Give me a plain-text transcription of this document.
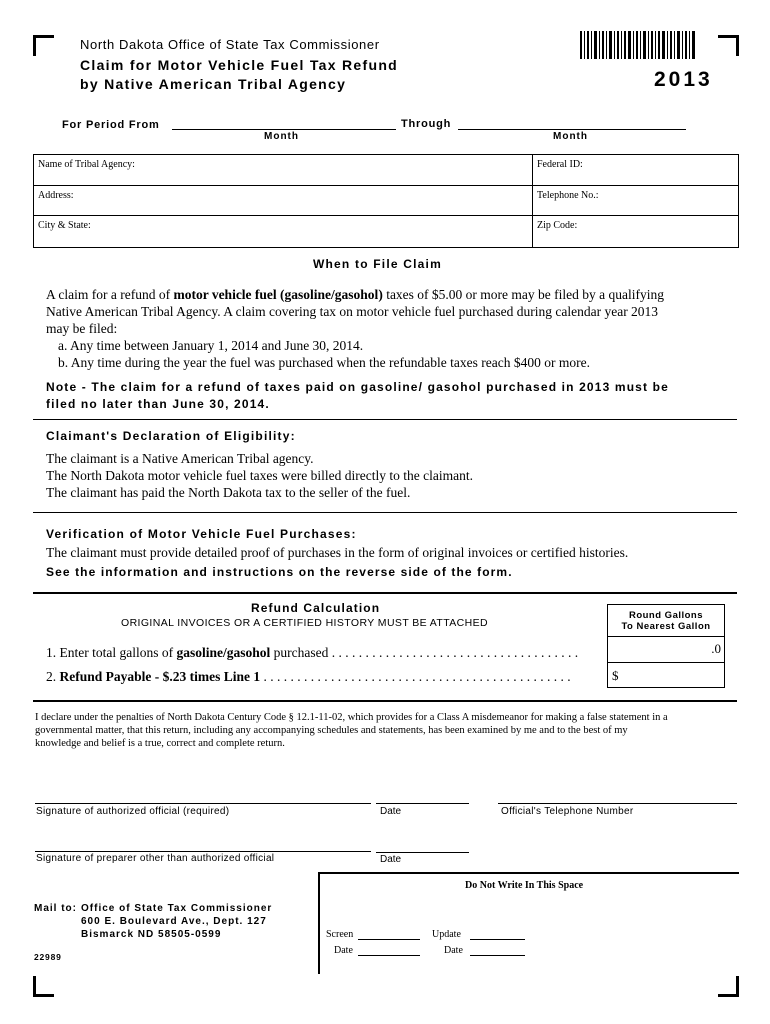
North Dakota Office of State Tax Commissioner
Claim for Motor Vehicle Fuel Tax Refund
by Native American Tribal Agency	2013
For Period From
Month
Through
Month
Name of Tribal Agency:	Federal ID:
Address:	Telephone No.:
City & State:	Zip Code:
When to File Claim
A claim for a refund of motor vehicle fuel (gasoline/gasohol) taxes of $5.00 or more may be filed by a qualifying
Native American Tribal Agency. A claim covering tax on motor vehicle fuel purchased during calendar year 2013
may be filed:
a. Any time between January 1, 2014 and June 30, 2014.
b. Any time during the year the fuel was purchased when the refundable taxes reach $400 or more.
Note - The claim for a refund of taxes paid on gasoline/ gasohol purchased in 2013 must be
filed no later than June 30, 2014.
Claimant's Declaration of Eligibility:
The claimant is a Native American Tribal agency.
The North Dakota motor vehicle fuel taxes were billed directly to the claimant.
The claimant has paid the North Dakota tax to the seller of the fuel.
Verification of Motor Vehicle Fuel Purchases:
The claimant must provide detailed proof of purchases in the form of original invoices or certified histories.
See the information and instructions on the reverse side of the form.
Refund Calculation
ORIGINAL INVOICES OR A CERTIFIED HISTORY MUST BE ATTACHED
Round Gallons
To Nearest Gallon
.0
$
1. Enter total gallons of gasoline/gasohol purchased . . . . . . . . . . . . . . . . . . . . . . . . . . . . . . . . . . . . .
2. Refund Payable - $.23 times Line 1 . . . . . . . . . . . . . . . . . . . . . . . . . . . . . . . . . . . . . . . . . . . . . .
I declare under the penalties of North Dakota Century Code § 12.1-11-02, which provides for a Class A misdemeanor for making a false statement in a
governmental matter, that this return, including any accompanying schedules and statements, has been examined by me and to the best of my
knowledge and belief is a true, correct and complete return.
Signature of authorized official (required)	Date	Official's Telephone Number
Signature of preparer other than authorized official	Date
Mail to: Office of State Tax Commissioner
600 E. Boulevard Ave., Dept. 127
Bismarck ND 58505-0599
22989
Do Not Write In This Space
Screen	Update
Date	Date
